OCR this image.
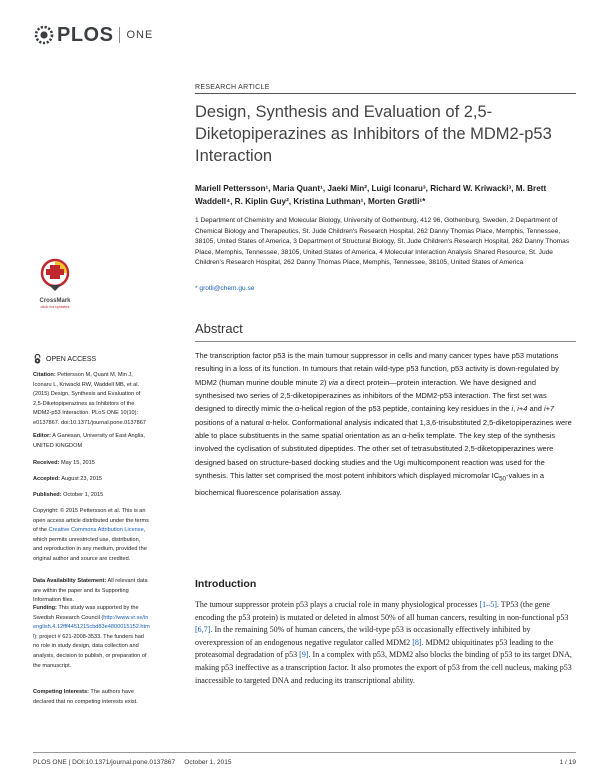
PLOS ONE
RESEARCH ARTICLE
Design, Synthesis and Evaluation of 2,5-Diketopiperazines as Inhibitors of the MDM2-p53 Interaction
Mariell Pettersson¹, Maria Quant¹, Jaeki Min², Luigi Iconaru³, Richard W. Kriwacki³, M. Brett Waddell⁴, R. Kiplin Guy², Kristina Luthman¹, Morten Grøtli¹*
1 Department of Chemistry and Molecular Biology, University of Gothenburg, 412 96, Gothenburg, Sweden, 2 Department of Chemical Biology and Therapeutics, St. Jude Children's Research Hospital, 262 Danny Thomas Place, Memphis, Tennessee, 38105, United States of America, 3 Department of Structural Biology, St. Jude Children's Research Hospital, 262 Danny Thomas Place, Memphis, Tennessee, 38105, United States of America, 4 Molecular Interaction Analysis Shared Resource, St. Jude Children's Research Hospital, 262 Danny Thomas Place, Memphis, Tennessee, 38105, United States of America
* grotli@chem.gu.se
CrossMark
click for updates
OPEN ACCESS
Citation: Pettersson M, Quant M, Min J, Iconaru L, Kriwacki RW, Waddell MB, et al. (2015) Design, Synthesis and Evaluation of 2,5-Diketopiperazines as Inhibitors of the MDM2-p53 Interaction. PLoS ONE 10(10): e0137867. doi:10.1371/journal.pone.0137867
Editor: A Ganesan, University of East Anglia, UNITED KINGDOM
Received: May 15, 2015
Accepted: August 23, 2015
Published: October 1, 2015
Copyright: © 2015 Pettersson et al. This is an open access article distributed under the terms of the Creative Commons Attribution License, which permits unrestricted use, distribution, and reproduction in any medium, provided the original author and source are credited.
Data Availability Statement: All relevant data are within the paper and its Supporting Information files.
Funding: This study was supported by the Swedish Research Council (http://www.vr.se/inenglish.4.12fff4451215cbd83e4800015152.html); project # 621-2008-3533. The funders had no role in study design, data collection and analysis, decision to publish, or preparation of the manuscript.
Competing Interests: The authors have declared that no competing interests exist.
Abstract
The transcription factor p53 is the main tumour suppressor in cells and many cancer types have p53 mutations resulting in a loss of its function. In tumours that retain wild-type p53 function, p53 activity is down-regulated by MDM2 (human murine double minute 2) via a direct protein—protein interaction. We have designed and synthesised two series of 2,5-diketopiperazines as inhibitors of the MDM2-p53 interaction. The first set was designed to directly mimic the α-helical region of the p53 peptide, containing key residues in the i, i+4 and i+7 positions of a natural α-helix. Conformational analysis indicated that 1,3,6-trisubstituted 2,5-diketopiperazines were able to place substituents in the same spatial orientation as an α-helix template. The key step of the synthesis involved the cyclisation of substituted dipeptides. The other set of tetrasubstituted 2,5-diketopiperazines were designed based on structure-based docking studies and the Ugi multicomponent reaction was used for the synthesis. This latter set comprised the most potent inhibitors which displayed micromolar $IC_{50}$-values in a biochemical fluorescence polarisation assay.
Introduction
The tumour suppressor protein p53 plays a crucial role in many physiological processes [1–5]. TP53 (the gene encoding the p53 protein) is mutated or deleted in almost 50% of all human cancers, resulting in non-functional p53 [6,7]. In the remaining 50% of human cancers, the wild-type p53 is occasionally effectively inhibited by overexpression of an endogenous negative regulator called MDM2 [8]. MDM2 ubiquitinates p53 leading to the proteasomal degradation of p53 [9]. In a complex with p53, MDM2 also blocks the binding of p53 to its target DNA, making p53 ineffective as a transcription factor. It also promotes the export of p53 from the cell nucleus, making p53 inaccessible to targeted DNA and reducing its transcriptional ability.
PLOS ONE | DOI:10.1371/journal.pone.0137867     October 1, 2015	1 / 19
